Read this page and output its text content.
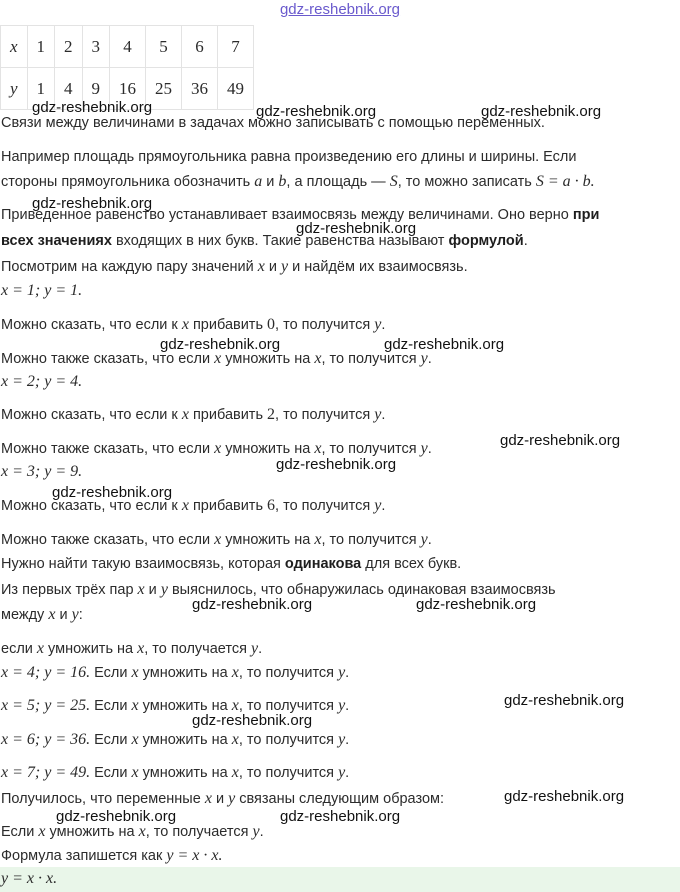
gdz-reshebnik.org
x	1	2	3	4	5	6	7
y	1	4	9	16	25	36	49
Связи между величинами в задачах можно записывать с помощью переменных.
Например площадь прямоугольника равна произведению его длины и ширины. Если
стороны прямоугольника обозначить a и b, а площадь — S, то можно записать S = a · b.
Приведенное равенство устанавливает взаимосвязь между величинами. Оно верно при
всех значениях входящих в них букв. Такие равенства называют формулой.
Посмотрим на каждую пару значений x и y и найдём их взаимосвязь.
x = 1; y = 1.
Можно сказать, что если к x прибавить 0, то получится y.
Можно также сказать, что если x умножить на x, то получится y.
x = 2; y = 4.
Можно сказать, что если к x прибавить 2, то получится y.
Можно также сказать, что если x умножить на x, то получится y.
x = 3; y = 9.
Можно сказать, что если к x прибавить 6, то получится y.
Можно также сказать, что если x умножить на x, то получится y.
Нужно найти такую взаимосвязь, которая одинакова для всех букв.
Из первых трёх пар x и y выяснилось, что обнаружилась одинаковая взаимосвязь
между x и y:
если x умножить на x, то получается y.
x = 4; y = 16. Если x умножить на x, то получится y.
x = 5; y = 25. Если x умножить на x, то получится y.
x = 6; y = 36. Если x умножить на x, то получится y.
x = 7; y = 49. Если x умножить на x, то получится y.
Получилось, что переменные x и y связаны следующим образом:
Если x умножить на x, то получается y.
Формула запишется как y = x · x.
y = x · x.
gdz-reshebnik.org	gdz-reshebnik.org	gdz-reshebnik.org
gdz-reshebnik.org
gdz-reshebnik.org
gdz-reshebnik.org	gdz-reshebnik.org
gdz-reshebnik.org
gdz-reshebnik.org
gdz-reshebnik.org
gdz-reshebnik.org	gdz-reshebnik.org
gdz-reshebnik.org
gdz-reshebnik.org
gdz-reshebnik.org
gdz-reshebnik.org	gdz-reshebnik.org
